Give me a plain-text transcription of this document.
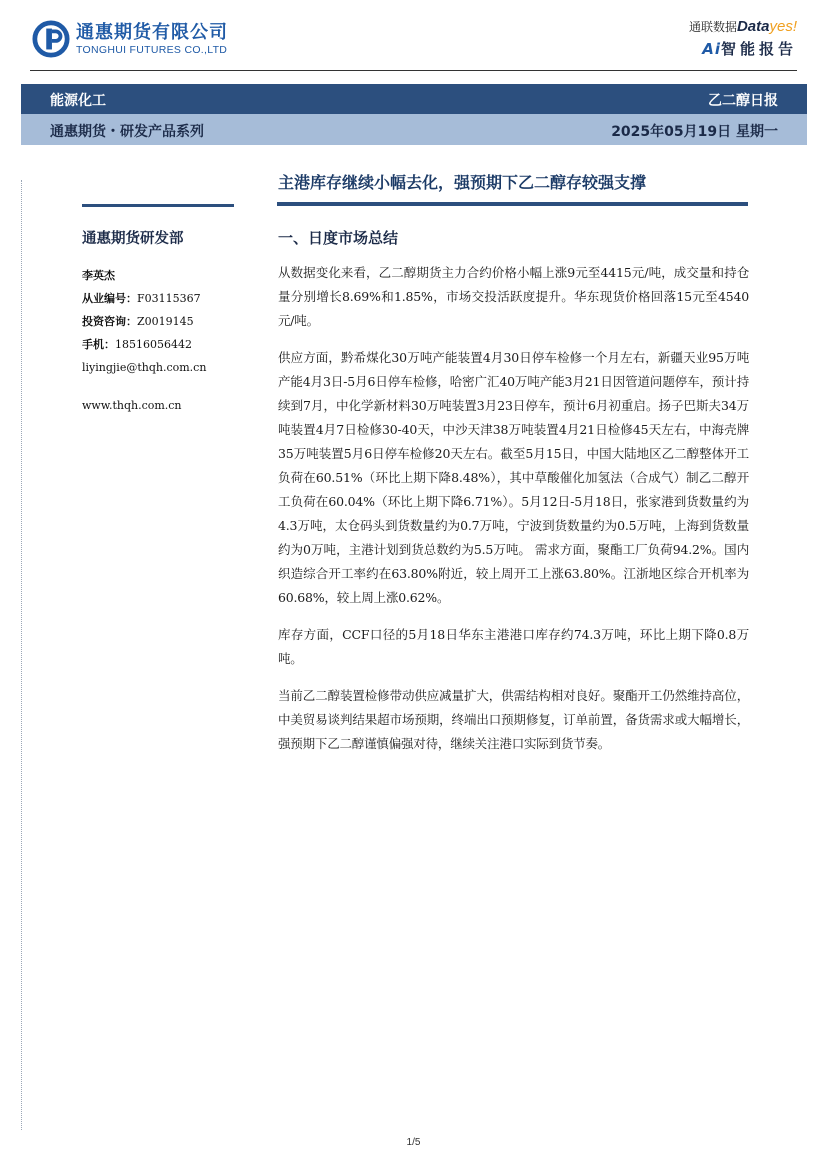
通惠期货有限公司
TONGHUI FUTURES CO.,LTD
通联数据Datayes!
Ai智能报告
能源化工	乙二醇日报
通惠期货・研发产品系列	2025年05月19日 星期一
主港库存继续小幅去化，强预期下乙二醇存较强支撑
通惠期货研发部
李英杰
从业编号：F03115367
投资咨询：Z0019145
手机：18516056442
liyingjie@thqh.com.cn
www.thqh.com.cn
一、日度市场总结

从数据变化来看，乙二醇期货主力合约价格小幅上涨9元至4415元/吨，成交量和持仓量分别增长8.69%和1.85%，市场交投活跃度提升。华东现货价格回落15元至4540元/吨。

供应方面，黔希煤化30万吨产能装置4月30日停车检修一个月左右，新疆天业95万吨产能4月3日-5月6日停车检修，哈密广汇40万吨产能3月21日因管道问题停车，预计持续到7月，中化学新材料30万吨装置3月23日停车，预计6月初重启。扬子巴斯夫34万吨装置4月7日检修30-40天，中沙天津38万吨装置4月21日检修45天左右，中海壳牌35万吨装置5月6日停车检修20天左右。截至5月15日，中国大陆地区乙二醇整体开工负荷在60.51%（环比上期下降8.48%），其中草酸催化加氢法（合成气）制乙二醇开工负荷在60.04%（环比上期下降6.71%）。5月12日-5月18日，张家港到货数量约为4.3万吨，太仓码头到货数量约为0.7万吨，宁波到货数量约为0.5万吨，上海到货数量约为0万吨，主港计划到货总数约为5.5万吨。 需求方面，聚酯工厂负荷94.2%。国内织造综合开工率约在63.80%附近，较上周开工上涨63.80%。江浙地区综合开机率为60.68%，较上周上涨0.62%。

库存方面，CCF口径的5月18日华东主港港口库存约74.3万吨，环比上期下降0.8万吨。

当前乙二醇装置检修带动供应减量扩大，供需结构相对良好。聚酯开工仍然维持高位，中美贸易谈判结果超市场预期，终端出口预期修复，订单前置，备货需求或大幅增长，强预期下乙二醇谨慎偏强对待，继续关注港口实际到货节奏。

1/5
